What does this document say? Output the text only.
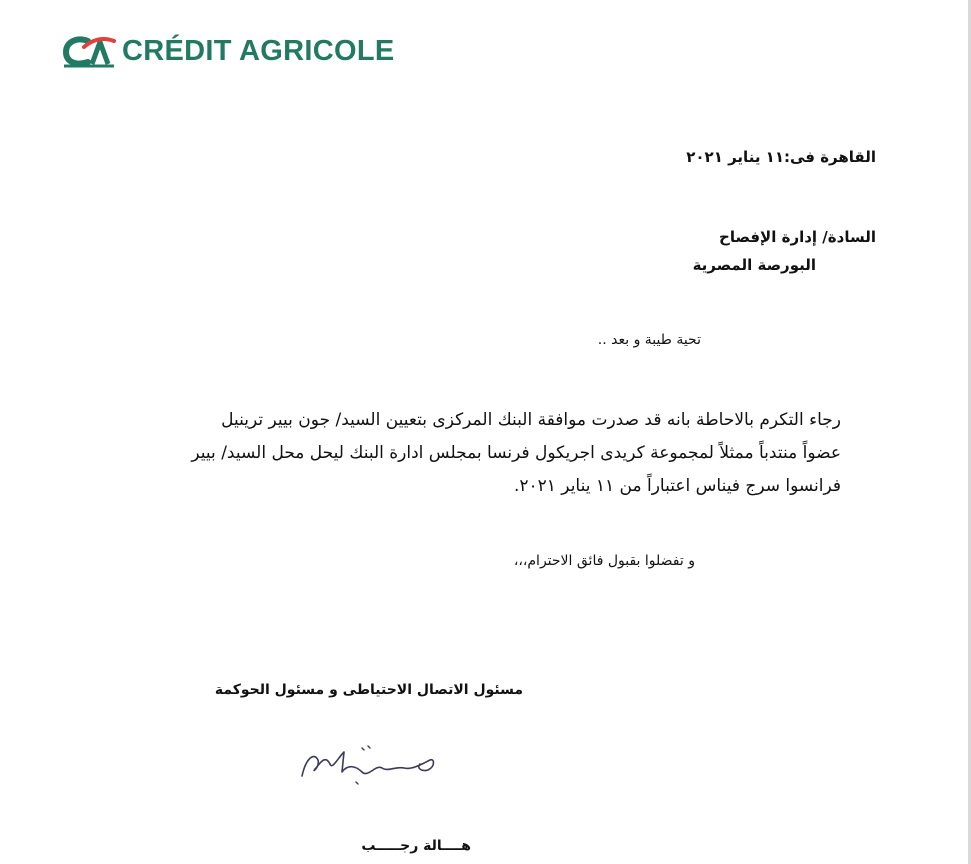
CRÉDIT AGRICOLE
القاهرة فى:١١ يناير ٢٠٢١
السادة/ إدارة الإفصاح
البورصة المصرية
تحية طيبة و بعد ..
رجاء التكرم بالاحاطة بانه قد صدرت موافقة البنك المركزى بتعيين السيد/ جون بيير ترينيل
عضواً منتدباً ممثلاً لمجموعة كريدى اجريكول فرنسا بمجلس ادارة البنك ليحل محل السيد/ بيير
فرانسوا سرج فيناس اعتباراً من ١١ يناير ٢٠٢١.
و تفضلوا بقبول فائق الاحترام،،،
مسئول الاتصال الاحتياطى و مسئول الحوكمة
هــــالة رجـــــب
